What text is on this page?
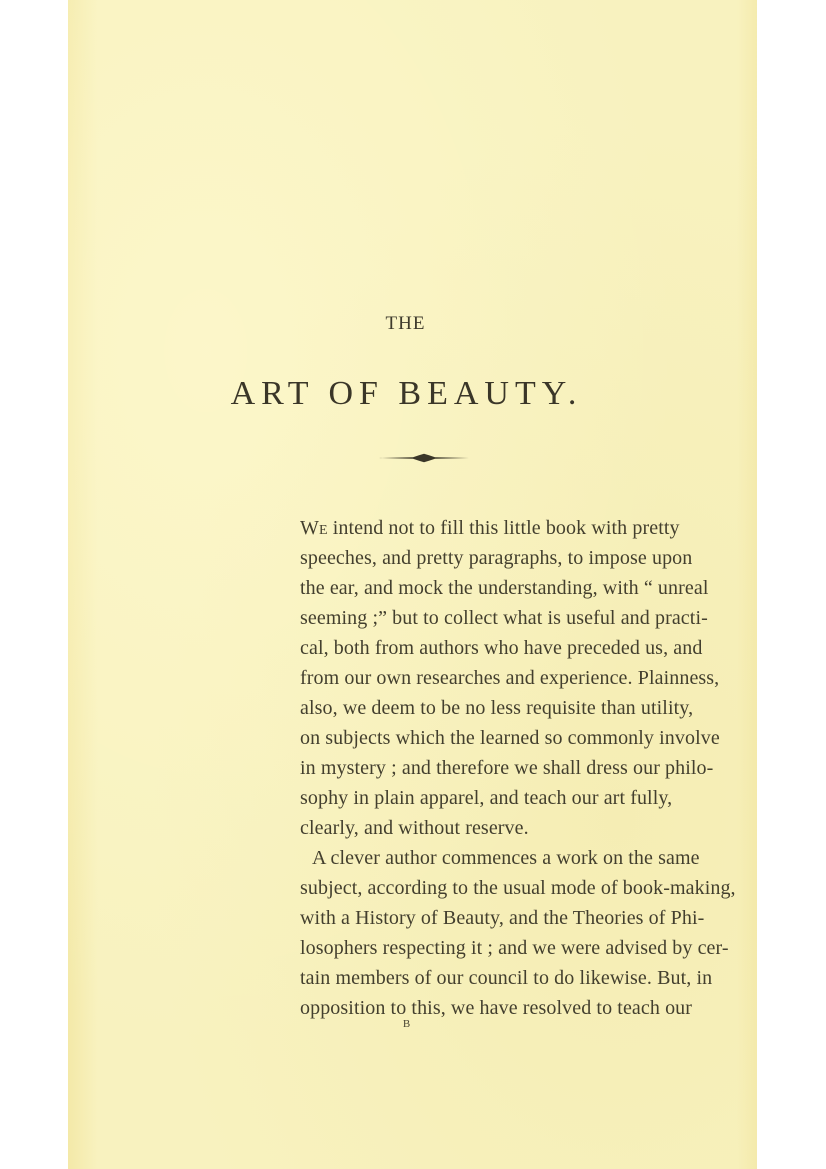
THE
ART OF BEAUTY.
We intend not to fill this little book with pretty
speeches, and pretty paragraphs, to impose upon
the ear, and mock the understanding, with “ unreal
seeming ;” but to collect what is useful and practi-
cal, both from authors who have preceded us, and
from our own researches and experience. Plainness,
also, we deem to be no less requisite than utility,
on subjects which the learned so commonly involve
in mystery ; and therefore we shall dress our philo-
sophy in plain apparel, and teach our art fully,
clearly, and without reserve.
A clever author commences a work on the same
subject, according to the usual mode of book-making,
with a History of Beauty, and the Theories of Phi-
losophers respecting it ; and we were advised by cer-
tain members of our council to do likewise. But, in
opposition to this, we have resolved to teach our
B
